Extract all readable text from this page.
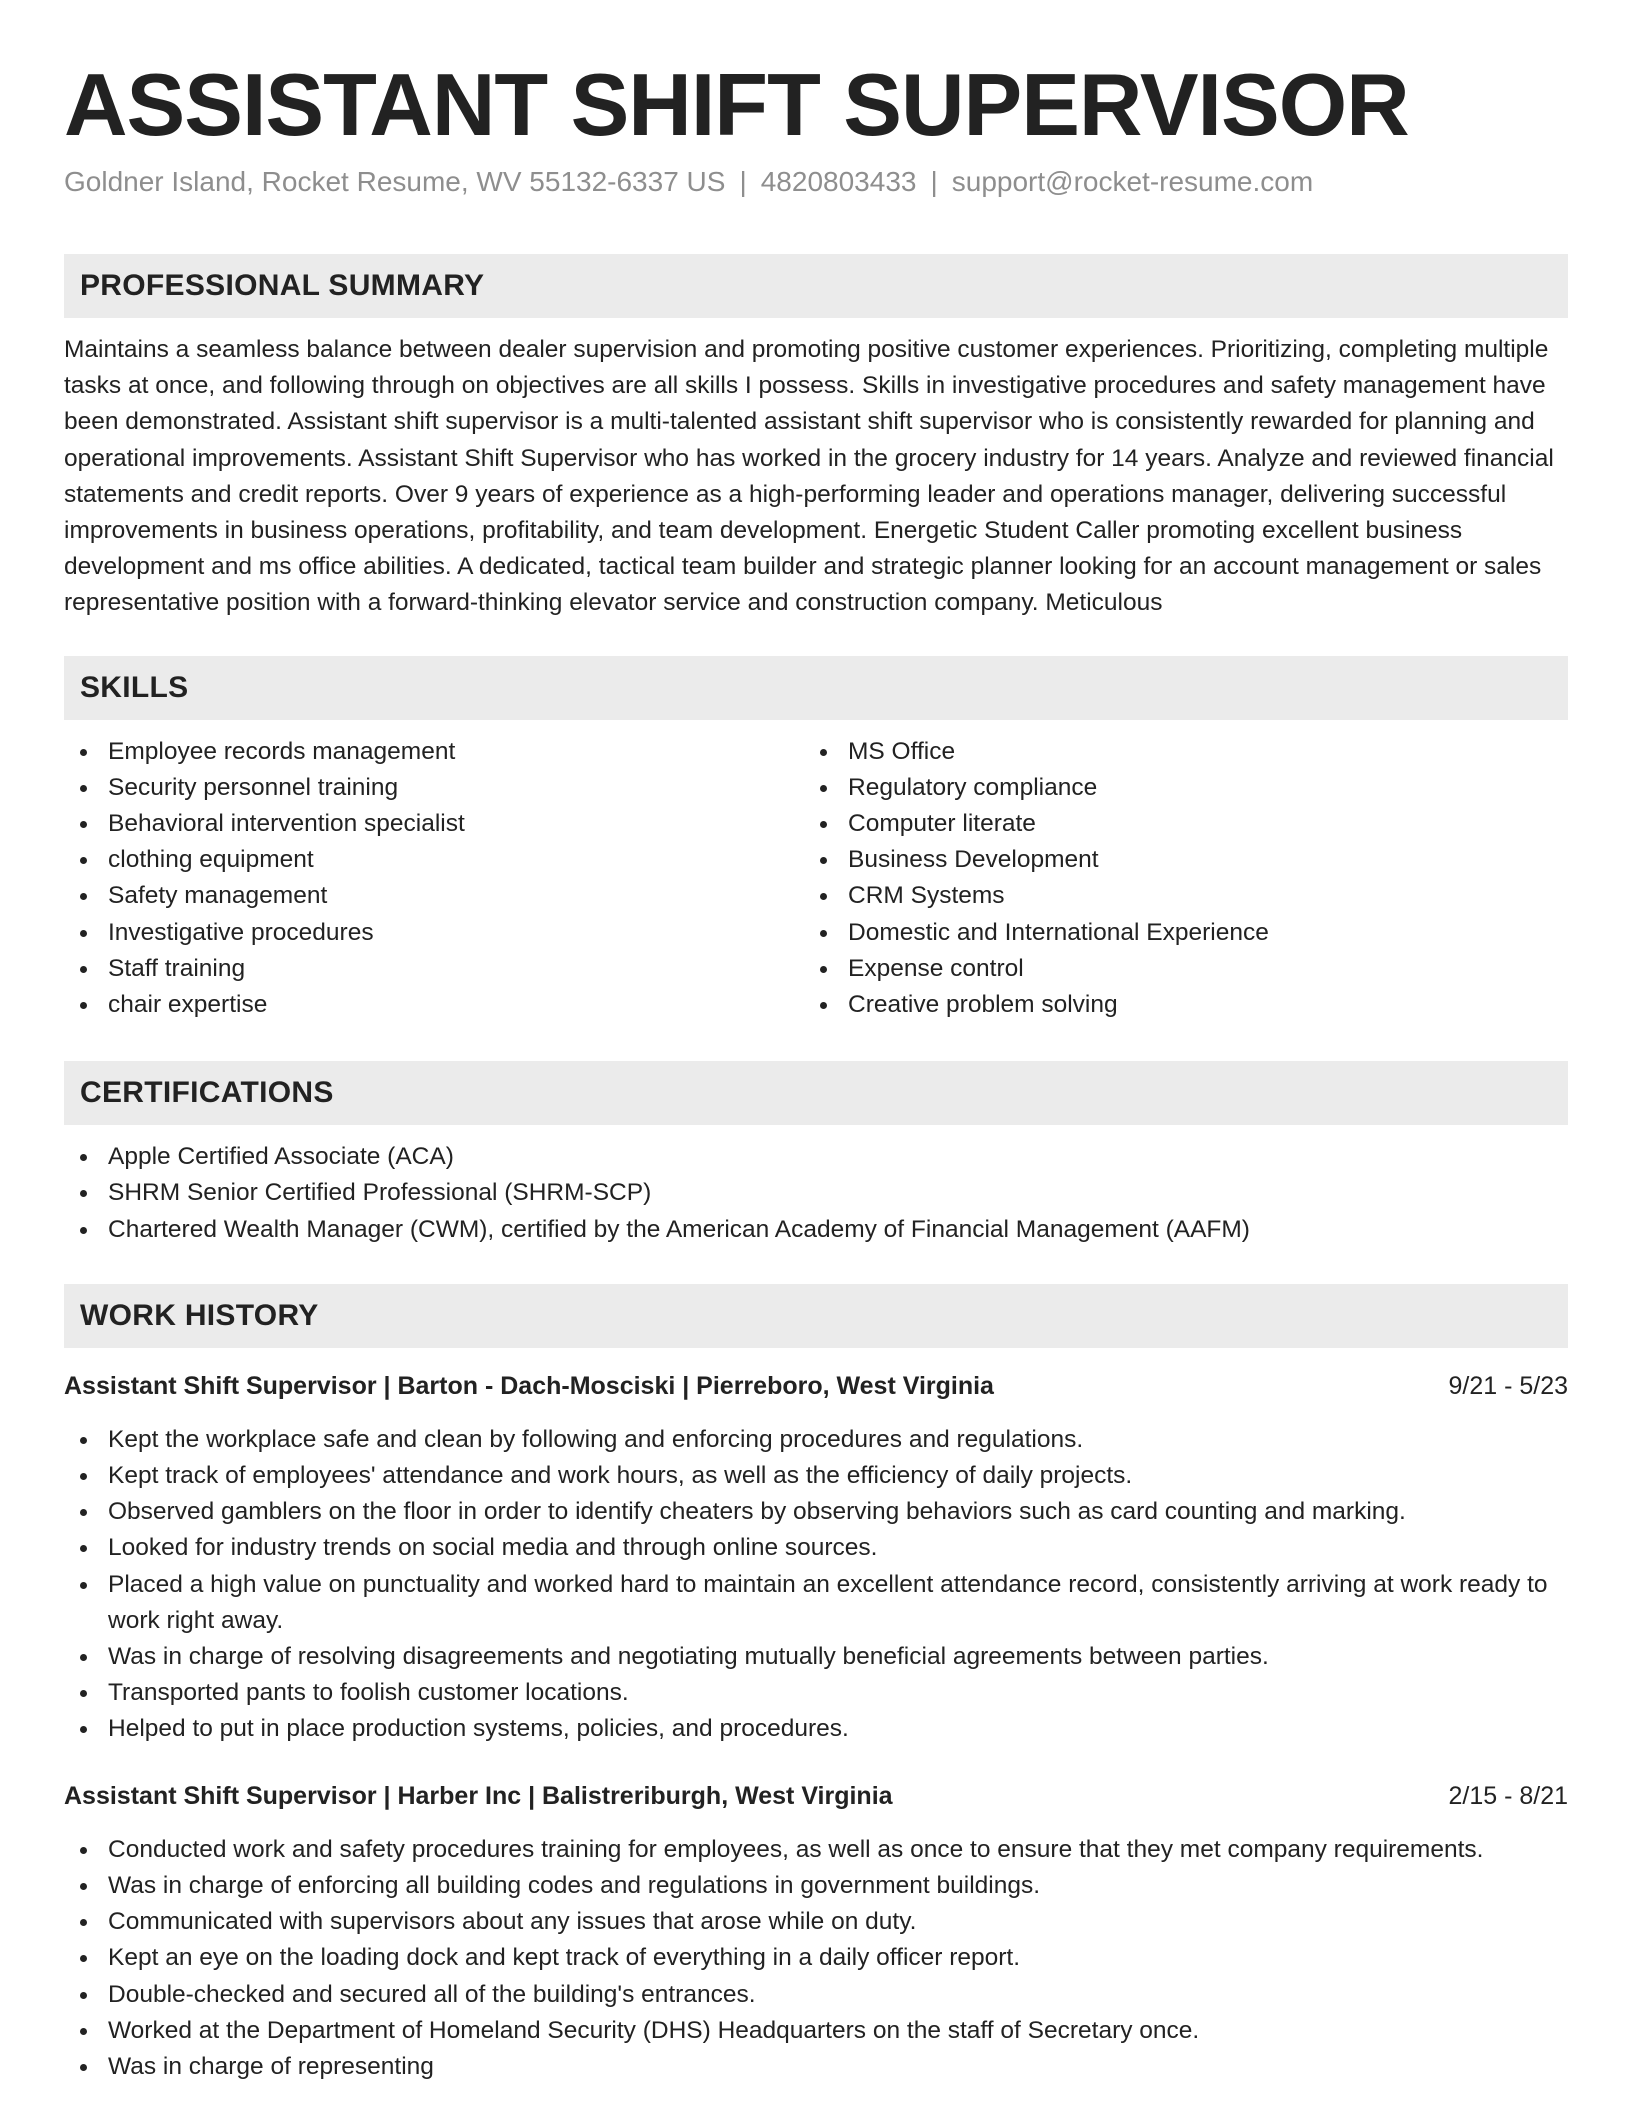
ASSISTANT SHIFT SUPERVISOR
Goldner Island, Rocket Resume, WV 55132-6337 US | 4820803433 | support@rocket-resume.com
PROFESSIONAL SUMMARY

Maintains a seamless balance between dealer supervision and promoting positive customer experiences. Prioritizing, completing multiple tasks at once, and following through on objectives are all skills I possess. Skills in investigative procedures and safety management have been demonstrated. Assistant shift supervisor is a multi-talented assistant shift supervisor who is consistently rewarded for planning and operational improvements. Assistant Shift Supervisor who has worked in the grocery industry for 14 years. Analyze and reviewed financial statements and credit reports. Over 9 years of experience as a high-performing leader and operations manager, delivering successful improvements in business operations, profitability, and team development. Energetic Student Caller promoting excellent business development and ms office abilities. A dedicated, tactical team builder and strategic planner looking for an account management or sales representative position with a forward-thinking elevator service and construction company. Meticulous

SKILLS
Employee records management
Security personnel training
Behavioral intervention specialist
clothing equipment
Safety management
Investigative procedures
Staff training
chair expertise
MS Office
Regulatory compliance
Computer literate
Business Development
CRM Systems
Domestic and International Experience
Expense control
Creative problem solving
CERTIFICATIONS
Apple Certified Associate (ACA)
SHRM Senior Certified Professional (SHRM-SCP)
Chartered Wealth Manager (CWM), certified by the American Academy of Financial Management (AAFM)
WORK HISTORY
Assistant Shift Supervisor | Barton - Dach-Mosciski | Pierreboro, West Virginia	9/21 - 5/23
Kept the workplace safe and clean by following and enforcing procedures and regulations.
Kept track of employees' attendance and work hours, as well as the efficiency of daily projects.
Observed gamblers on the floor in order to identify cheaters by observing behaviors such as card counting and marking.
Looked for industry trends on social media and through online sources.
Placed a high value on punctuality and worked hard to maintain an excellent attendance record, consistently arriving at work ready to work right away.
Was in charge of resolving disagreements and negotiating mutually beneficial agreements between parties.
Transported pants to foolish customer locations.
Helped to put in place production systems, policies, and procedures.
Assistant Shift Supervisor | Harber Inc | Balistreriburgh, West Virginia	2/15 - 8/21
Conducted work and safety procedures training for employees, as well as once to ensure that they met company requirements.
Was in charge of enforcing all building codes and regulations in government buildings.
Communicated with supervisors about any issues that arose while on duty.
Kept an eye on the loading dock and kept track of everything in a daily officer report.
Double-checked and secured all of the building's entrances.
Worked at the Department of Homeland Security (DHS) Headquarters on the staff of Secretary once.
Was in charge of representing
